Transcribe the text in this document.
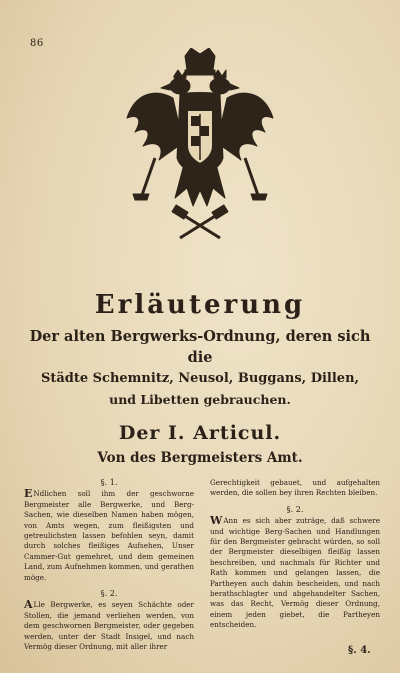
86
Erläuterung
Der alten Bergwerks-Ordnung, deren sich die
Städte Schemnitz, Neusol, Buggans, Dillen,
und Libetten gebrauchen.
Der I. Articul.
Von des Bergmeisters Amt.
§. 1.
E Ndlichen soll ihm der geschworne Bergmeister alle Bergwerke, und Berg-Sachen, wie dieselben Namen haben mögen, von Amts wegen, zum fleißigsten und getreulichsten lassen befohlen seyn, damit durch solches fleißiges Aufsehen, Unser Cammer-Gut gemehret, und dem gemeinen Land, zum Aufnehmen kommen, und gerathen möge.
§. 2.
A Lle Bergwerke, es seyen Schächte oder Stollen, die jemand verliehen werden, von dem geschwornen Bergmeister, oder gegeben werden, unter der Stadt Insigel, und nach Vermög dieser Ordnung, mit aller ihrer
Gerechtigkeit gebauet, und aufgehalten werden, die sollen bey ihren Rechten bleiben.
§. 2.
W Ann es sich aber zuträge, daß schwere und wichtige Berg-Sachen und Handlungen für den Bergmeister gebracht würden, so soll der Bergmeister dieselbigen fleißig lassen beschreiben, und nachmals für Richter und Rath kommen und gelangen lassen, die Partheyen auch dahin bescheiden, und nach berathschlagter und abgehandelter Sachen, was das Recht, Vermög dieser Ordnung, einem jeden giebet, die Partheyen entscheiden.
§. 4.
